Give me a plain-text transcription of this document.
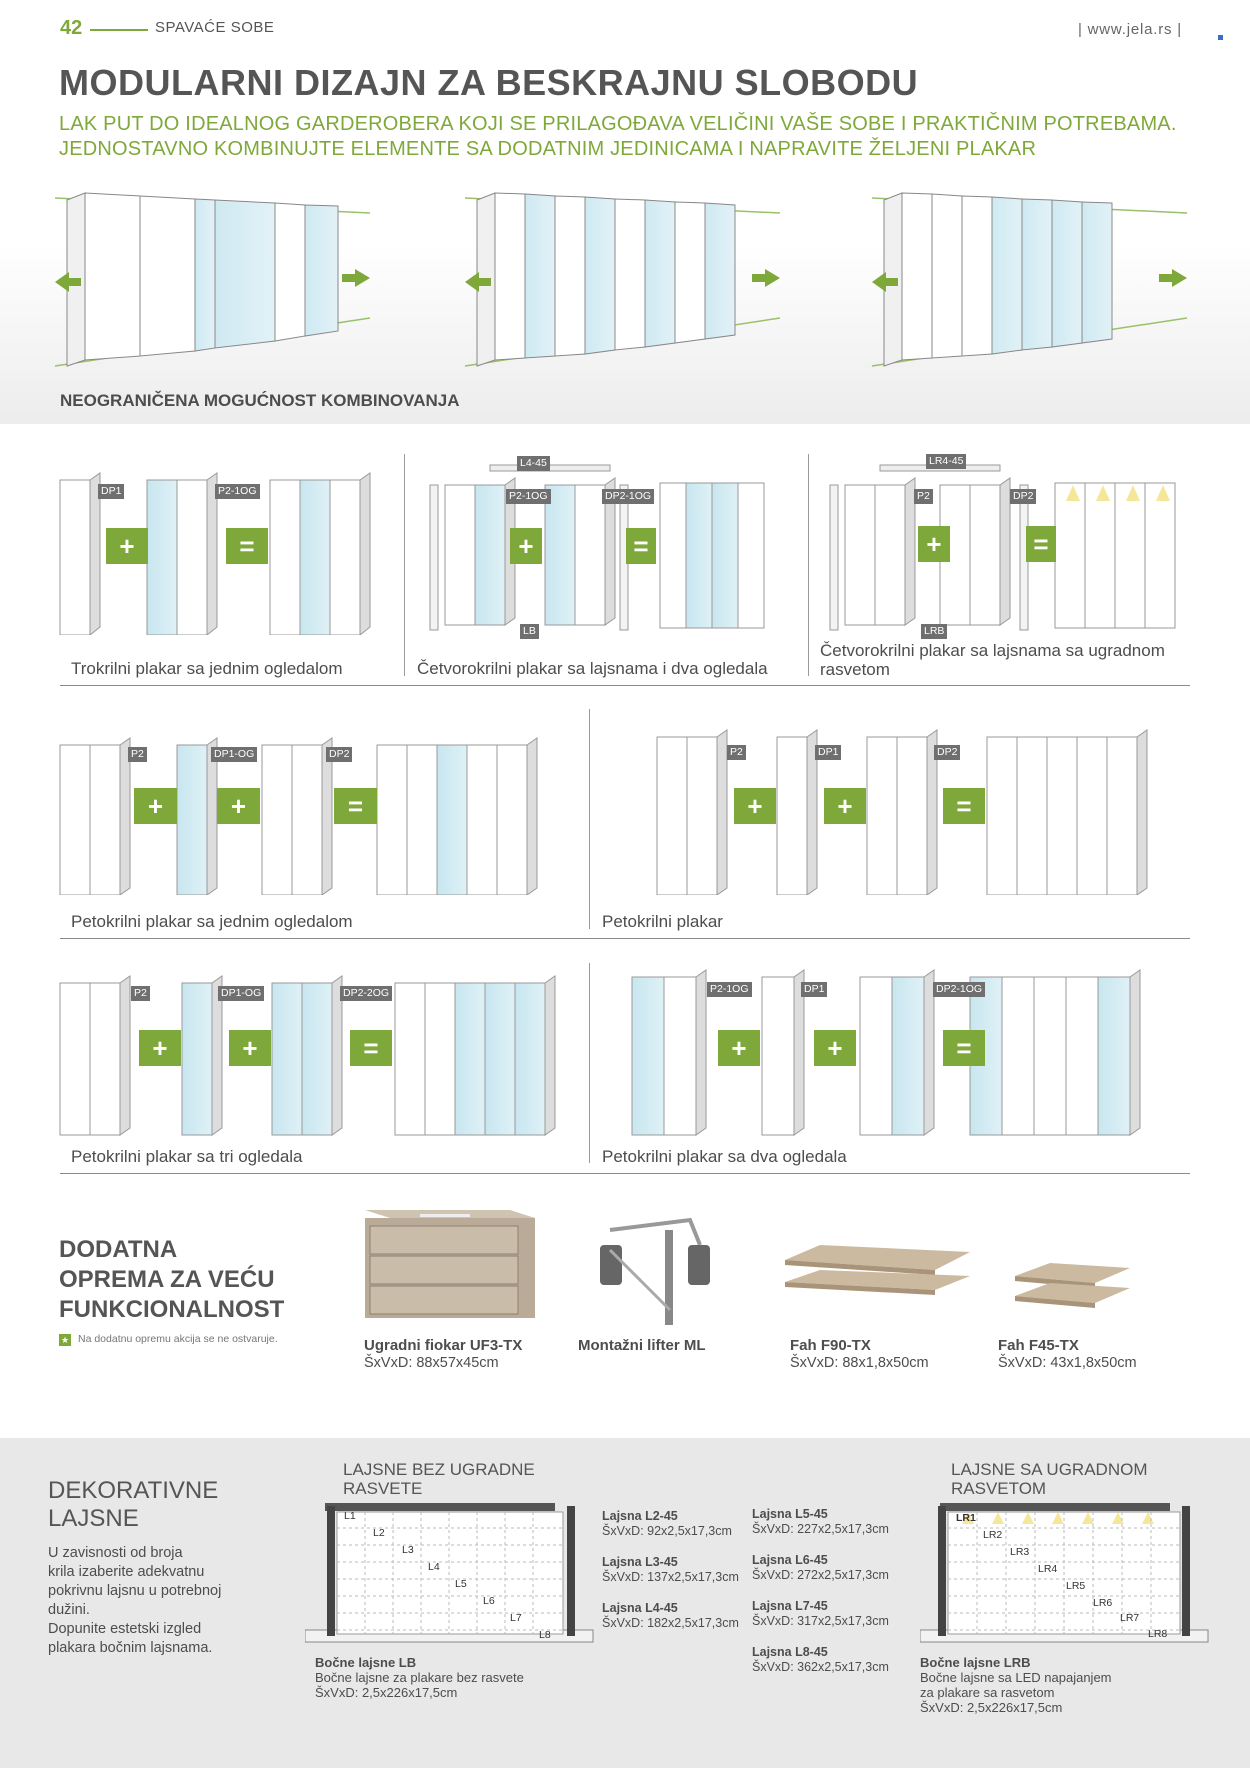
42	SPAVAĆE SOBE	| www.jela.rs |
MODULARNI DIZAJN ZA BESKRAJNU SLOBODU
LAK PUT DO IDEALNOG GARDEROBERA KOJI SE PRILAGOĐAVA VELIČINI VAŠE SOBE I PRAKTIČNIM POTREBAMA.
JEDNOSTAVNO KOMBINUJTE ELEMENTE SA DODATNIM JEDINICAMA I NAPRAVITE ŽELJENI PLAKAR
NEOGRANIČENA MOGUĆNOST KOMBINOVANJA
DP1	P2-1OG
+	=
L4-45
P2-1OG	DP2-1OG
LB
+	=
LR4-45
P2	DP2
LRB
+	=
Trokrilni plakar sa jednim ogledalom	Četvorokrilni plakar sa lajsnama i dva ogledala
Četvorokrilni plakar sa lajsnama sa ugradnom rasvetom
P2	DP1-OG	DP2
+	+	=
P2	DP1	DP2
+	+	=
Petokrilni plakar sa jednim ogledalom	Petokrilni plakar
P2	DP1-OG	DP2-2OG
+	+	=
P2-1OG	DP1	DP2-1OG
+	+	=
Petokrilni plakar sa tri ogledala	Petokrilni plakar sa dva ogledala
DODATNA
OPREMA ZA VEĆU
FUNKCIONALNOST
★ Na dodatnu opremu akcija se ne ostvaruje.	Ugradni fiokar UF3-TX
ŠxVxD: 88x57x45cm
Montažni lifter ML	Fah F90-TX
ŠxVxD: 88x1,8x50cm
Fah F45-TX
ŠxVxD: 43x1,8x50cm
DEKORATIVNE
LAJSNE
U zavisnosti od broja
krila izaberite adekvatnu
pokrivnu lajsnu u potrebnoj
dužini.
Dopunite estetski izgled
plakara bočnim lajsnama.
LAJSNE BEZ UGRADNE
RASVETE
L1
L2
L3
L4
L5
L6
L7
L8
Bočne lajsne LB
Bočne lajsne za plakare bez rasvete
ŠxVxD: 2,5x226x17,5cm
Lajsna L2-45
ŠxVxD: 92x2,5x17,3cm
Lajsna L3-45
ŠxVxD: 137x2,5x17,3cm
Lajsna L4-45
ŠxVxD: 182x2,5x17,3cm
Lajsna L5-45
ŠxVxD: 227x2,5x17,3cm
Lajsna L6-45
ŠxVxD: 272x2,5x17,3cm
Lajsna L7-45
ŠxVxD: 317x2,5x17,3cm
Lajsna L8-45
ŠxVxD: 362x2,5x17,3cm
LAJSNE SA UGRADNOM
RASVETOM
LR1
LR2
LR3
LR4
LR5
LR6
LR7
LR8
Bočne lajsne LRB
Bočne lajsne sa LED napajanjem
za plakare sa rasvetom
ŠxVxD: 2,5x226x17,5cm
